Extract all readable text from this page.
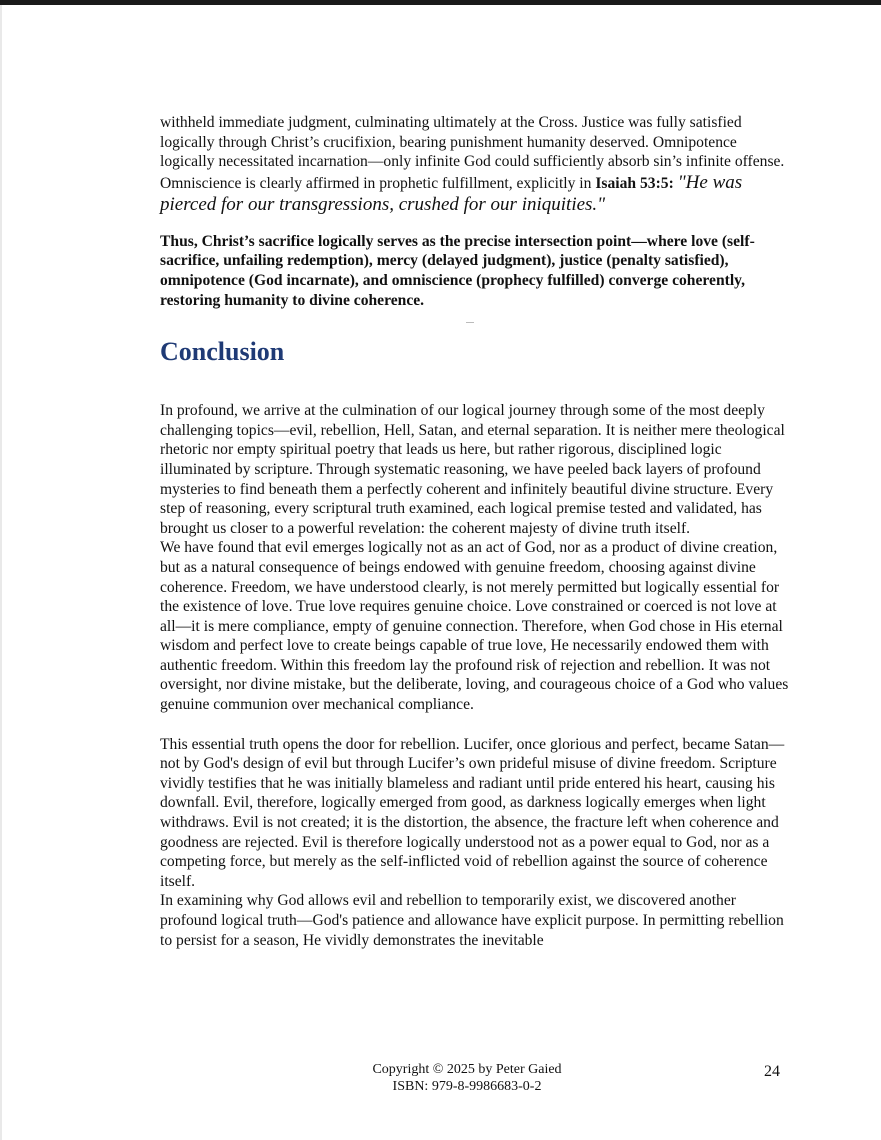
withheld immediate judgment, culminating ultimately at the Cross. Justice was fully satisfied logically through Christ’s crucifixion, bearing punishment humanity deserved. Omnipotence logically necessitated incarnation—only infinite God could sufficiently absorb sin’s infinite offense. Omniscience is clearly affirmed in prophetic fulfillment, explicitly in Isaiah 53:5: "He was pierced for our transgressions, crushed for our iniquities."

Thus, Christ’s sacrifice logically serves as the precise intersection point—where love (self-sacrifice, unfailing redemption), mercy (delayed judgment), justice (penalty satisfied), omnipotence (God incarnate), and omniscience (prophecy fulfilled) converge coherently, restoring humanity to divine coherence.

Conclusion

In profound, we arrive at the culmination of our logical journey through some of the most deeply challenging topics—evil, rebellion, Hell, Satan, and eternal separation. It is neither mere theological rhetoric nor empty spiritual poetry that leads us here, but rather rigorous, disciplined logic illuminated by scripture. Through systematic reasoning, we have peeled back layers of profound mysteries to find beneath them a perfectly coherent and infinitely beautiful divine structure. Every step of reasoning, every scriptural truth examined, each logical premise tested and validated, has brought us closer to a powerful revelation: the coherent majesty of divine truth itself.

We have found that evil emerges logically not as an act of God, nor as a product of divine creation, but as a natural consequence of beings endowed with genuine freedom, choosing against divine coherence. Freedom, we have understood clearly, is not merely permitted but logically essential for the existence of love. True love requires genuine choice. Love constrained or coerced is not love at all—it is mere compliance, empty of genuine connection. Therefore, when God chose in His eternal wisdom and perfect love to create beings capable of true love, He necessarily endowed them with authentic freedom. Within this freedom lay the profound risk of rejection and rebellion. It was not oversight, nor divine mistake, but the deliberate, loving, and courageous choice of a God who values genuine communion over mechanical compliance.

This essential truth opens the door for rebellion. Lucifer, once glorious and perfect, became Satan—not by God's design of evil but through Lucifer’s own prideful misuse of divine freedom. Scripture vividly testifies that he was initially blameless and radiant until pride entered his heart, causing his downfall. Evil, therefore, logically emerged from good, as darkness logically emerges when light withdraws. Evil is not created; it is the distortion, the absence, the fracture left when coherence and goodness are rejected. Evil is therefore logically understood not as a power equal to God, nor as a competing force, but merely as the self-inflicted void of rebellion against the source of coherence itself.

In examining why God allows evil and rebellion to temporarily exist, we discovered another profound logical truth—God's patience and allowance have explicit purpose. In permitting rebellion to persist for a season, He vividly demonstrates the inevitable

Copyright © 2025 by Peter Gaied
ISBN: 979-8-9986683-0-2
24
